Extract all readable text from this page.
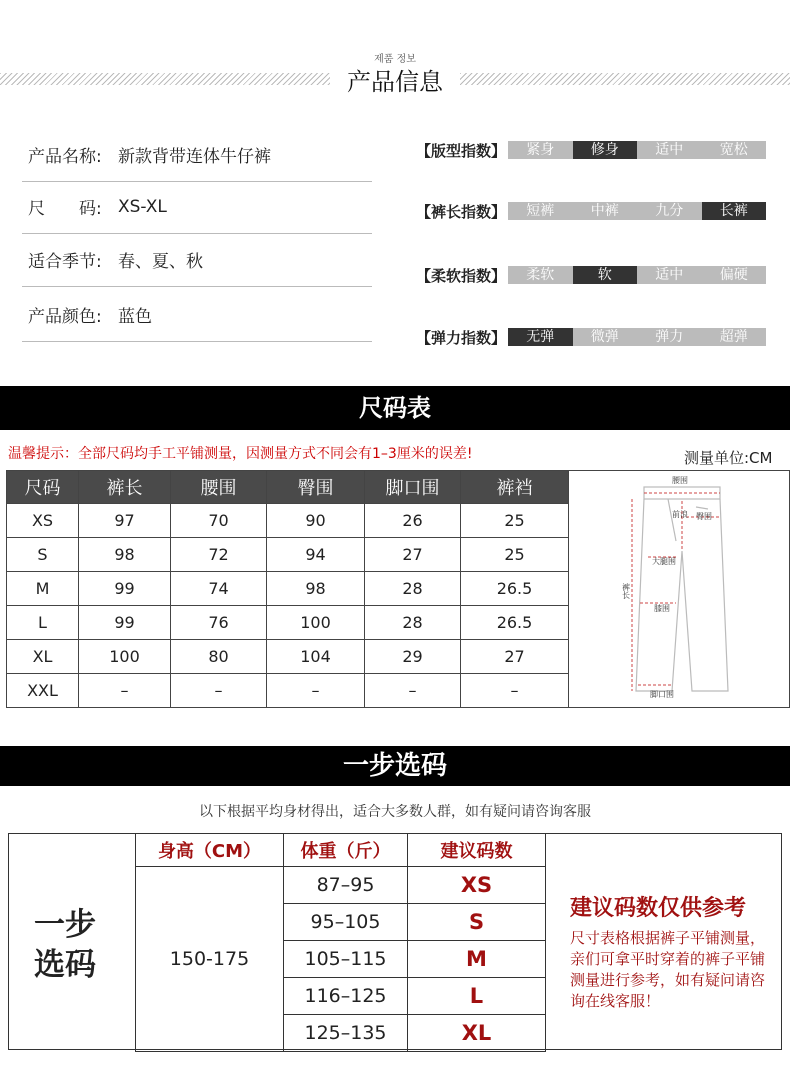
제품 정보
产品信息
产品名称: 新款背带连体牛仔裤
尺　　码: XS-XL
适合季节: 春、夏、秋
产品颜色: 蓝色
【版型指数】	紧身	修身	适中	宽松
【裤长指数】	短裤	中裤	九分	长裤
【柔软指数】	柔软	软	适中	偏硬
【弹力指数】	无弹	微弹	弹力	超弹
尺码表
温馨提示：全部尺码均手工平铺测量，因测量方式不同会有1–3厘米的误差!	测量单位:CM
尺码	裤长	腰围	臀围	脚口围	裤裆
XS	97	70	90	26	25
S	98	72	94	27	25
M	99	74	98	28	26.5
L	99	76	100	28	26.5
XL	100	80	104	29	27
XXL	–	–	–	–	–
腰围
前浪 臀围
大腿围
膝围
脚口围
裤长
一步选码
以下根据平均身材得出，适合大多数人群，如有疑问请咨询客服
一步
选码
身高（CM）	体重（斤）	建议码数
150-175	87–95	XS
	95–105	S
	105–115	M
	116–125	L
	125–135	XL
建议码数仅供参考
尺寸表格根据裤子平铺测量，亲们可拿平时穿着的裤子平铺测量进行参考，如有疑问请咨询在线客服！
